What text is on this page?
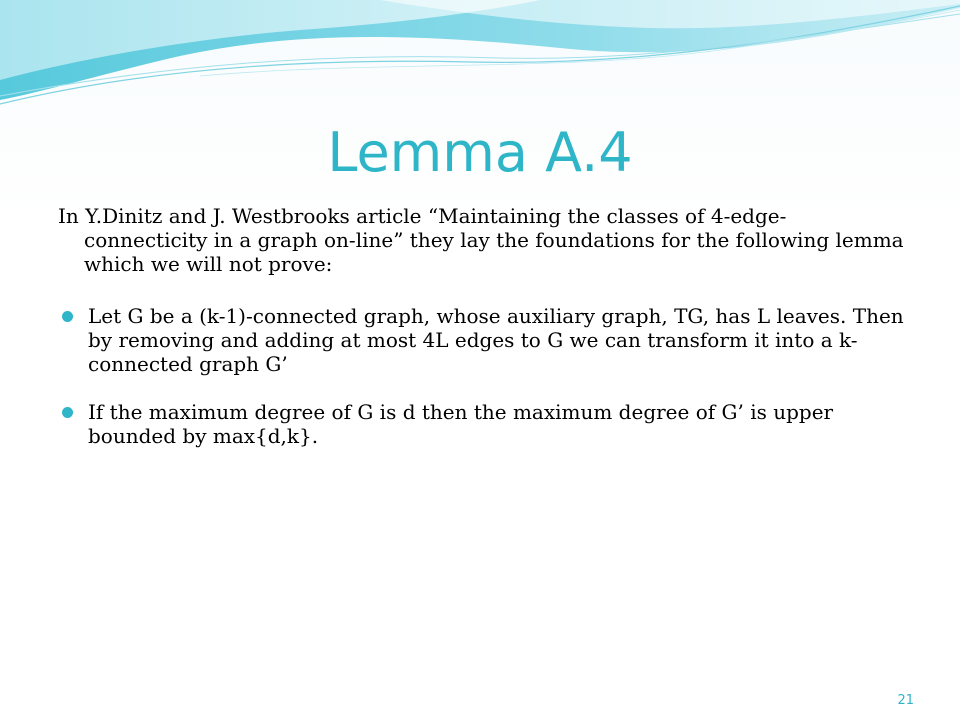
Lemma A.4

In Y.Dinitz and J. Westbrooks article “Maintaining the classes of 4-edge-connecticity in a graph on-line” they lay the foundations for the following lemma which we will not prove:

Let G be a (k-1)-connected graph, whose auxiliary graph, TG, has L leaves. Then by removing and adding at most 4L edges to G we can transform it into a k-connected graph G’
If the maximum degree of G is d then the maximum degree of G’ is upper bounded by max{d,k}.
21
